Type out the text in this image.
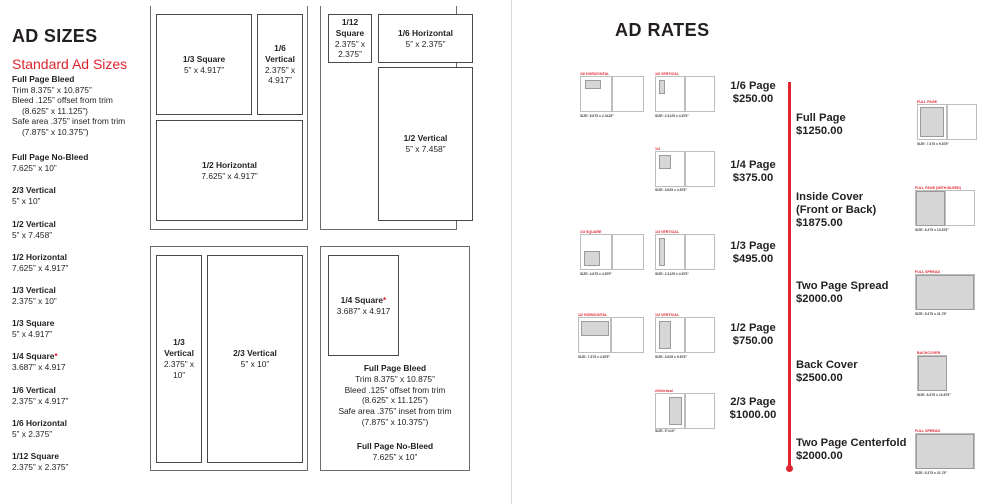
AD SIZES
Standard Ad Sizes
Full Page Bleed
Trim 8.375” x 10.875”
Bleed .125” offset from trim
(8.625” x 11.125”)
Safe area .375” inset from trim
(7.875” x 10.375”)
Full Page No-Bleed
7.625” x 10”
2/3 Vertical
5” x 10”
1/2 Vertical
5” x 7.458”
1/2 Horizontal
7.625” x 4.917”
1/3 Vertical
2.375” x 10”
1/3 Square
5” x 4.917”
1/4 Square*
3.687” x 4.917
1/6 Vertical
2.375” x 4.917”
1/6 Horizontal
5” x 2.375”
1/12 Square
2.375” x 2.375”
1/3 Square
5” x 4.917”
1/6
Vertical
2.375” x
4.917”
1/2 Horizontal
7.625” x 4.917”
1/12
Square
2.375” x
2.375”
1/6 Horizontal
5” x 2.375”
1/2 Vertical
5” x 7.458”
1/3
Vertical
2.375” x
10”
2/3 Vertical
5” x 10”
1/4 Square*
3.687” x 4.917
Full Page Bleed
Trim 8.375” x 10.875”
Bleed .125” offset from trim
(8.625” x 11.125”)
Safe area .375” inset from trim
(7.875” x 10.375”)
Full Page No-Bleed
7.625” x 10”
AD RATES
1/6 Page
$250.00
1/4 Page
$375.00
1/3 Page
$495.00
1/2 Page
$750.00
2/3 Page
$1000.00
Full Page
$1250.00
Inside Cover
(Front or Back)
$1875.00
Two Page Spread
$2000.00
Back Cover
$2500.00
Two Page Centerfold
$2000.00
1/6 HORIZONTAL
SIZE: 5.875 x 2.3125"
1/6 VERTICAL
SIZE: 2.3125 x 4.875"
1/4
SIZE: 3.625 x 4.875"
1/3 SQUARE
SIZE: 4.875 x 4.875"
1/3 VERTICAL
SIZE: 2.3125 x 4.875"
1/2 HORIZONTAL
SIZE: 7.375 x 4.875"
1/2 VERTICAL
SIZE: 3.625 x 9.875"
2/3Vertical
SIZE: 5"x10"
FULL PAGE
SIZE: 7.375 x 9.875"
FULL PAGE (WITH BLEED)
SIZE: 8.375 x 10.875"
FULL SPREAD
SIZE: 5.375 x 21.75"
BACKCOVER
SIZE: 8.375 x 10.875"
FULL SPREAD
SIZE: 5.375 x 21.75"
